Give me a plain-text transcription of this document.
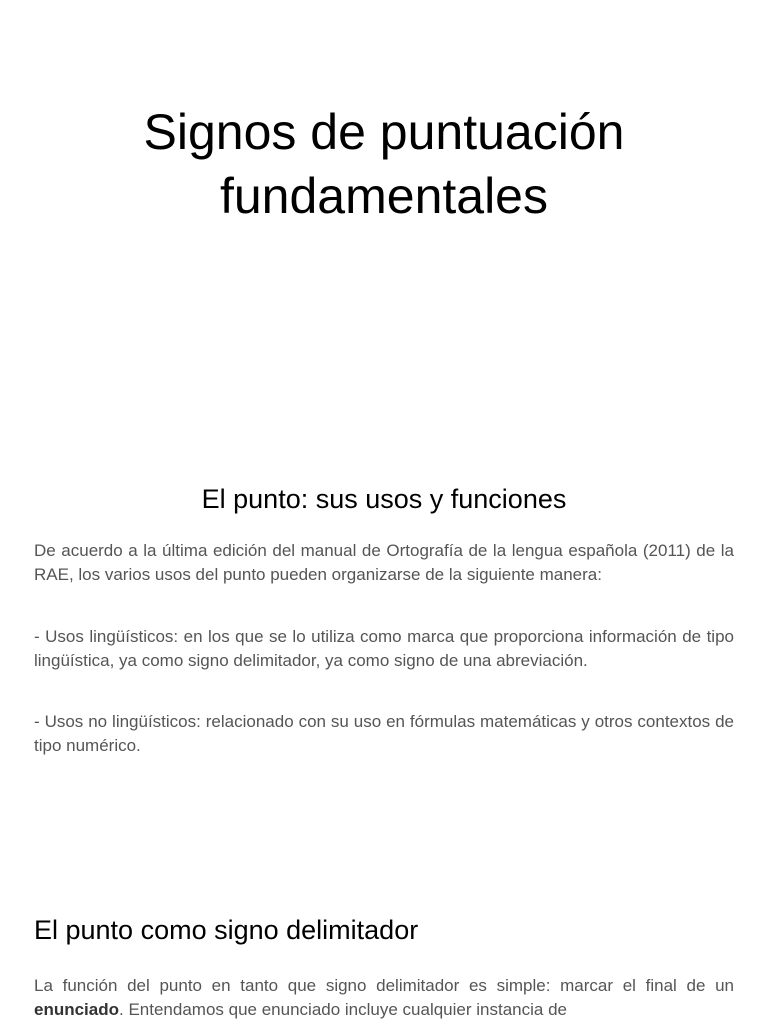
Signos de puntuación
fundamentales
El punto: sus usos y funciones

De acuerdo a la última edición del manual de Ortografía de la lengua española (2011) de la RAE, los varios usos del punto pueden organizarse de la siguiente manera:

- Usos lingüísticos: en los que se lo utiliza como marca que proporciona información de tipo lingüística, ya como signo delimitador, ya como signo de una abreviación.

- Usos no lingüísticos: relacionado con su uso en fórmulas matemáticas y otros contextos de tipo numérico.

El punto como signo delimitador

La función del punto en tanto que signo delimitador es simple: marcar el final de un enunciado. Entendamos que enunciado incluye cualquier instancia de
